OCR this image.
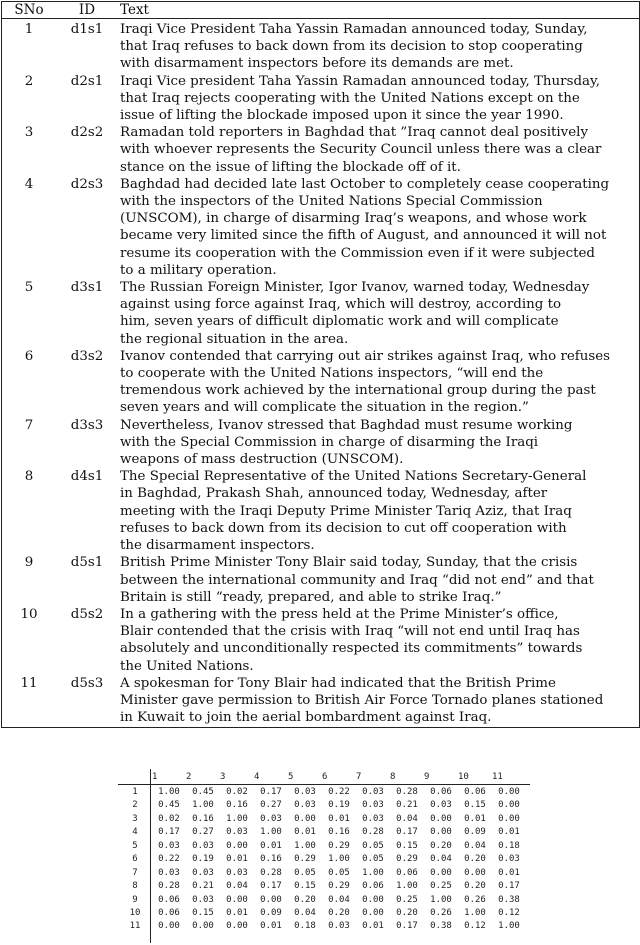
SNo	ID	Text
1	d1s1	Iraqi Vice President Taha Yassin Ramadan announced today, Sunday,
that Iraq refuses to back down from its decision to stop cooperating
with disarmament inspectors before its demands are met.
2	d2s1	Iraqi Vice president Taha Yassin Ramadan announced today, Thursday,
that Iraq rejects cooperating with the United Nations except on the
issue of lifting the blockade imposed upon it since the year 1990.
3	d2s2	Ramadan told reporters in Baghdad that ”Iraq cannot deal positively
with whoever represents the Security Council unless there was a clear
stance on the issue of lifting the blockade off of it.
4	d2s3	Baghdad had decided late last October to completely cease cooperating
with the inspectors of the United Nations Special Commission
(UNSCOM), in charge of disarming Iraq’s weapons, and whose work
became very limited since the fifth of August, and announced it will not
resume its cooperation with the Commission even if it were subjected
to a military operation.
5	d3s1	The Russian Foreign Minister, Igor Ivanov, warned today, Wednesday
against using force against Iraq, which will destroy, according to
him, seven years of difficult diplomatic work and will complicate
the regional situation in the area.
6	d3s2	Ivanov contended that carrying out air strikes against Iraq, who refuses
to cooperate with the United Nations inspectors, “will end the
tremendous work achieved by the international group during the past
seven years and will complicate the situation in the region.”
7	d3s3	Nevertheless, Ivanov stressed that Baghdad must resume working
with the Special Commission in charge of disarming the Iraqi
weapons of mass destruction (UNSCOM).
8	d4s1	The Special Representative of the United Nations Secretary-General
in Baghdad, Prakash Shah, announced today, Wednesday, after
meeting with the Iraqi Deputy Prime Minister Tariq Aziz, that Iraq
refuses to back down from its decision to cut off cooperation with
the disarmament inspectors.
9	d5s1	British Prime Minister Tony Blair said today, Sunday, that the crisis
between the international community and Iraq “did not end” and that
Britain is still “ready, prepared, and able to strike Iraq.”
10	d5s2	In a gathering with the press held at the Prime Minister’s office,
Blair contended that the crisis with Iraq “will not end until Iraq has
absolutely and unconditionally respected its commitments” towards
the United Nations.
11	d5s3	A spokesman for Tony Blair had indicated that the British Prime
Minister gave permission to British Air Force Tornado planes stationed
in Kuwait to join the aerial bombardment against Iraq.
1	2	3	4	5	6	7	8	9	10	11
1	1.00	0.45	0.02	0.17	0.03	0.22	0.03	0.28	0.06	0.06	0.00
2	0.45	1.00	0.16	0.27	0.03	0.19	0.03	0.21	0.03	0.15	0.00
3	0.02	0.16	1.00	0.03	0.00	0.01	0.03	0.04	0.00	0.01	0.00
4	0.17	0.27	0.03	1.00	0.01	0.16	0.28	0.17	0.00	0.09	0.01
5	0.03	0.03	0.00	0.01	1.00	0.29	0.05	0.15	0.20	0.04	0.18
6	0.22	0.19	0.01	0.16	0.29	1.00	0.05	0.29	0.04	0.20	0.03
7	0.03	0.03	0.03	0.28	0.05	0.05	1.00	0.06	0.00	0.00	0.01
8	0.28	0.21	0.04	0.17	0.15	0.29	0.06	1.00	0.25	0.20	0.17
9	0.06	0.03	0.00	0.00	0.20	0.04	0.00	0.25	1.00	0.26	0.38
10	0.06	0.15	0.01	0.09	0.04	0.20	0.00	0.20	0.26	1.00	0.12
11	0.00	0.00	0.00	0.01	0.18	0.03	0.01	0.17	0.38	0.12	1.00
